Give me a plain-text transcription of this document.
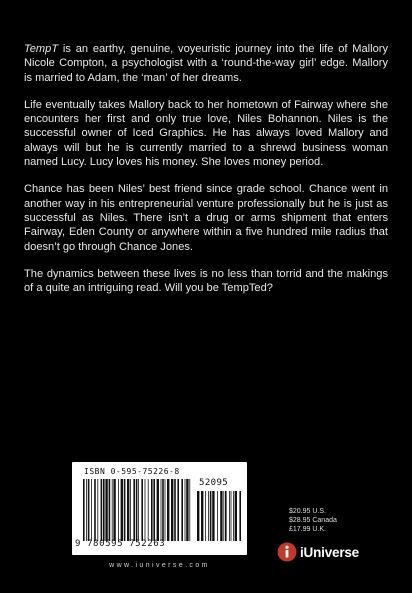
TempT is an earthy, genuine, voyeuristic journey into the life of Mallory Nicole Compton, a psychologist with a ‘round-the-way girl’ edge. Mallory is married to Adam, the ‘man’ of her dreams.

Life eventually takes Mallory back to her hometown of Fairway where she encounters her first and only true love, Niles Bohannon. Niles is the successful owner of Iced Graphics. He has always loved Mallory and always will but he is currently married to a shrewd business woman named Lucy. Lucy loves his money. She loves money period.

Chance has been Niles’ best friend since grade school. Chance went in another way in his entrepreneurial venture professionally but he is just as successful as Niles. There isn’t a drug or arms shipment that enters Fairway, Eden County or anywhere within a five hundred mile radius that doesn’t go through Chance Jones.

The dynamics between these lives is no less than torrid and the makings of a quite an intriguing read. Will you be TempTed?

ISBN 0-595-75226-8
52095
9 780595 752263
$20.95 U.S.
$28.95 Canada
£17.99 U.K.
iUniverse
www.iuniverse.com
